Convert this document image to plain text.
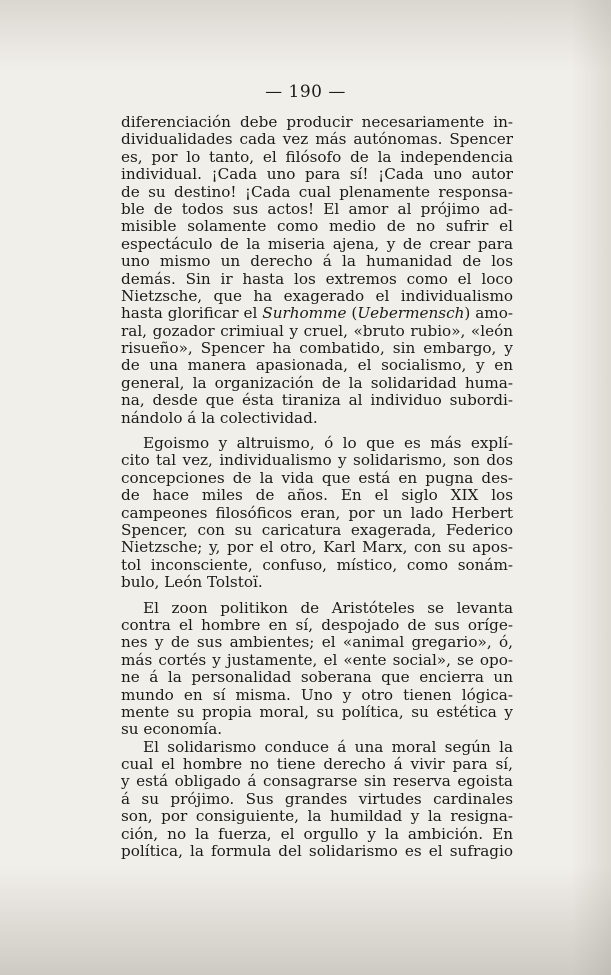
— 190 —
diferenciación debe producir necesariamente in-
dividualidades cada vez más autónomas. Spencer
es, por lo tanto, el filósofo de la independencia
individual. ¡Cada uno para sí! ¡Cada uno autor
de su destino! ¡Cada cual plenamente responsa-
ble de todos sus actos! El amor al prójimo ad-
misible solamente como medio de no sufrir el
espectáculo de la miseria ajena, y de crear para
uno mismo un derecho á la humanidad de los
demás. Sin ir hasta los extremos como el loco
Nietzsche, que ha exagerado el individualismo
hasta glorificar el Surhomme (Uebermensch) amo-
ral, gozador crimiual y cruel, «bruto rubio», «león
risueño», Spencer ha combatido, sin embargo, y
de una manera apasionada, el socialismo, y en
general, la organización de la solidaridad huma-
na, desde que ésta tiraniza al individuo subordi-
nándolo á la colectividad.
Egoismo y altruismo, ó lo que es más explí-
cito tal vez, individualismo y solidarismo, son dos
concepciones de la vida que está en pugna des-
de hace miles de años. En el siglo XIX los
campeones filosóficos eran, por un lado Herbert
Spencer, con su caricatura exagerada, Federico
Nietzsche; y, por el otro, Karl Marx, con su apos-
tol inconsciente, confuso, místico, como sonám-
bulo, León Tolstoï.
El zoon politikon de Aristóteles se levanta
contra el hombre en sí, despojado de sus oríge-
nes y de sus ambientes; el «animal gregario», ó,
más cortés y justamente, el «ente social», se opo-
ne á la personalidad soberana que encierra un
mundo en sí misma. Uno y otro tienen lógica-
mente su propia moral, su política, su estética y
su economía.
El solidarismo conduce á una moral según la
cual el hombre no tiene derecho á vivir para sí,
y está obligado á consagrarse sin reserva egoista
á su prójimo. Sus grandes virtudes cardinales
son, por consiguiente, la humildad y la resigna-
ción, no la fuerza, el orgullo y la ambición. En
política, la formula del solidarismo es el sufragio
